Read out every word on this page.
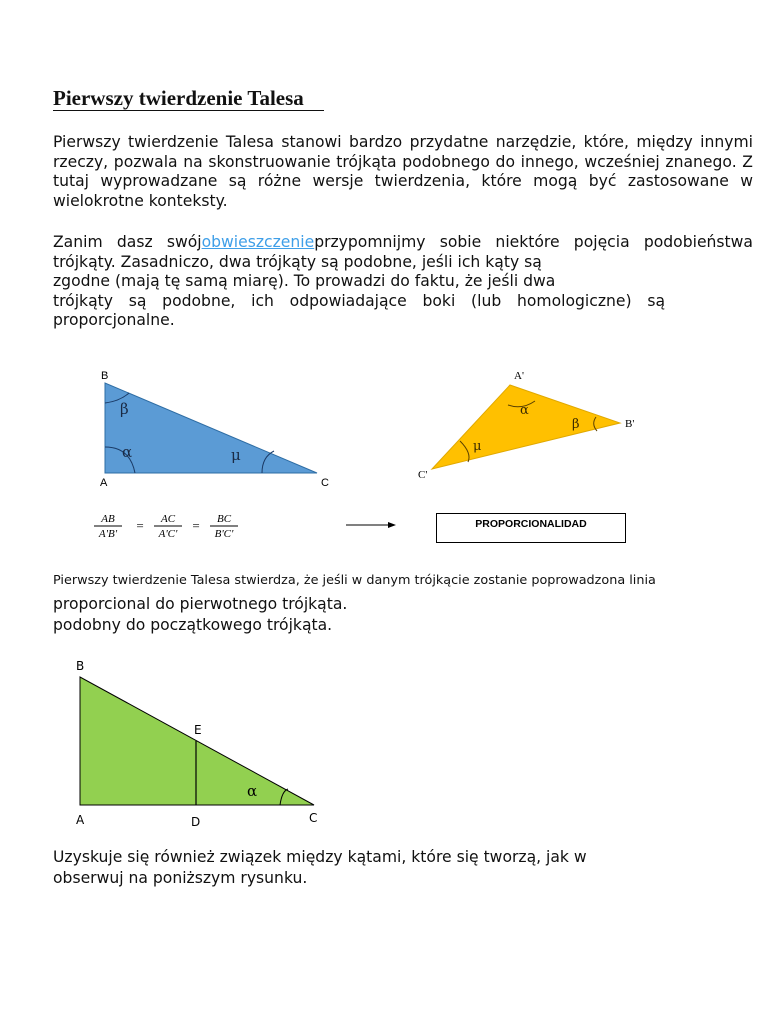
Pierwszy twierdzenie Talesa

Pierwszy twierdzenie Talesa stanowi bardzo przydatne narzędzie, które, między innymi rzeczy, pozwala na skonstruowanie trójkąta podobnego do innego, wcześniej znanego. Z tutaj wyprowadzane są różne wersje twierdzenia, które mogą być zastosowane w wielokrotne konteksty.

Zanim dasz swójobwieszczenieprzypomnijmy sobie niektóre pojęcia podobieństwa trójkąty. Zasadniczo, dwa trójkąty są podobne, jeśli ich kąty są
zgodne (mają tę samą miarę). To prowadzi do faktu, że jeśli dwa
trójkąty są podobne, ich odpowiadające boki (lub homologiczne) są proporcjonalne.

B
A	C
β
α	μ
A'
B'
C'
α
β
μ
AB
A'B'
= AC
A'C'
= BC
B'C'
PROPORCIONALIDAD

Pierwszy twierdzenie Talesa stwierdza, że jeśli w danym trójkącie zostanie poprowadzona linia

proporcional do pierwotnego trójkąta.

podobny do początkowego trójkąta.

B
E
A	D	C
α

Uzyskuje się również związek między kątami, które się tworzą, jak w

obserwuj na poniższym rysunku.
